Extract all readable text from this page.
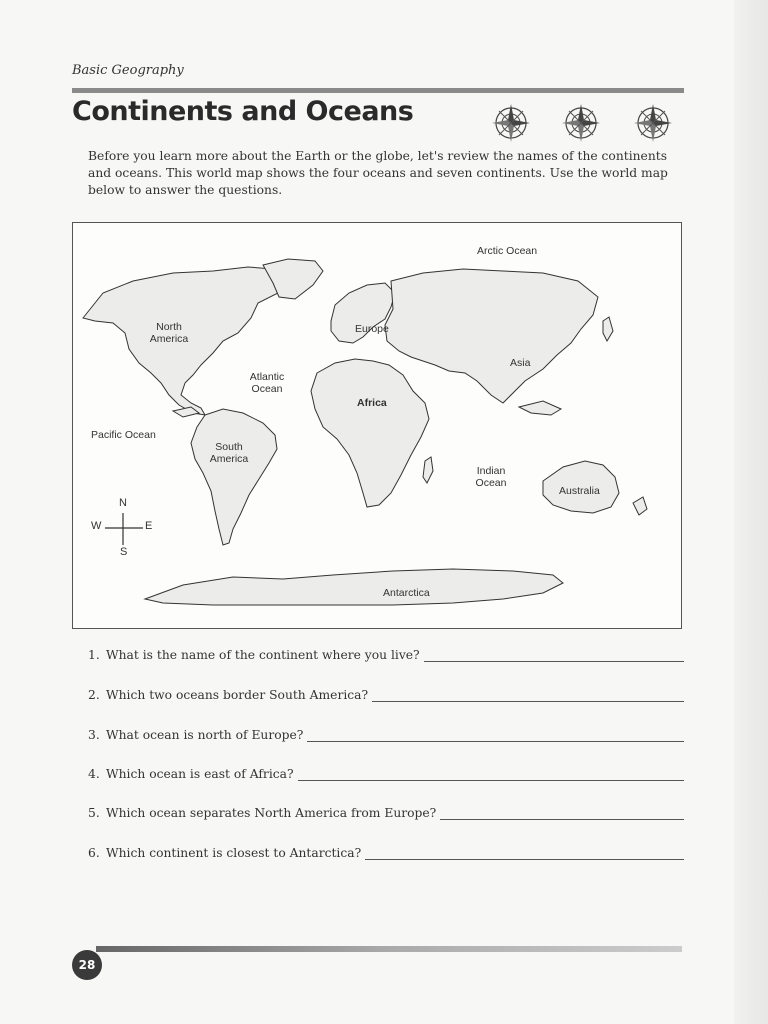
Basic Geography
Continents and Oceans
Before you learn more about the Earth or the globe, let's review the names of the continents and oceans. This world map shows the four oceans and seven continents. Use the world map below to answer the questions.
Arctic Ocean
North America
Europe
Asia
Atlantic Ocean
Africa
Pacific Ocean
South America
Indian Ocean
Australia
Antarctica
N
S
E
W
1. What is the name of the continent where you live?
2. Which two oceans border South America?
3. What ocean is north of Europe?
4. Which ocean is east of Africa?
5. Which ocean separates North America from Europe?
6. Which continent is closest to Antarctica?
28
